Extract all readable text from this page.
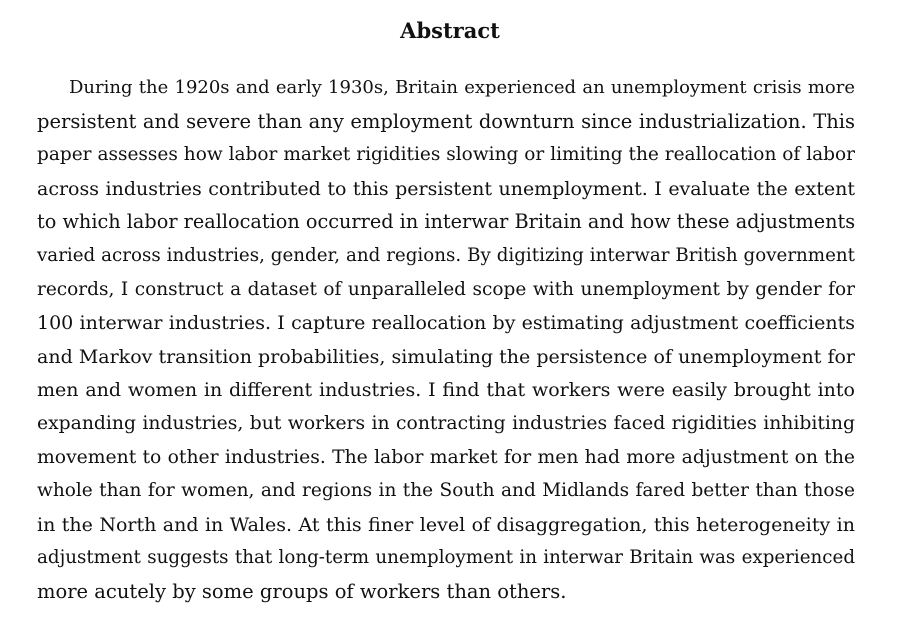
Abstract
During the 1920s and early 1930s, Britain experienced an unemployment crisis more
persistent and severe than any employment downturn since industrialization. This
paper assesses how labor market rigidities slowing or limiting the reallocation of labor
across industries contributed to this persistent unemployment. I evaluate the extent
to which labor reallocation occurred in interwar Britain and how these adjustments
varied across industries, gender, and regions. By digitizing interwar British government
records, I construct a dataset of unparalleled scope with unemployment by gender for
100 interwar industries. I capture reallocation by estimating adjustment coefficients
and Markov transition probabilities, simulating the persistence of unemployment for
men and women in different industries. I find that workers were easily brought into
expanding industries, but workers in contracting industries faced rigidities inhibiting
movement to other industries. The labor market for men had more adjustment on the
whole than for women, and regions in the South and Midlands fared better than those
in the North and in Wales. At this finer level of disaggregation, this heterogeneity in
adjustment suggests that long-term unemployment in interwar Britain was experienced
more acutely by some groups of workers than others.
